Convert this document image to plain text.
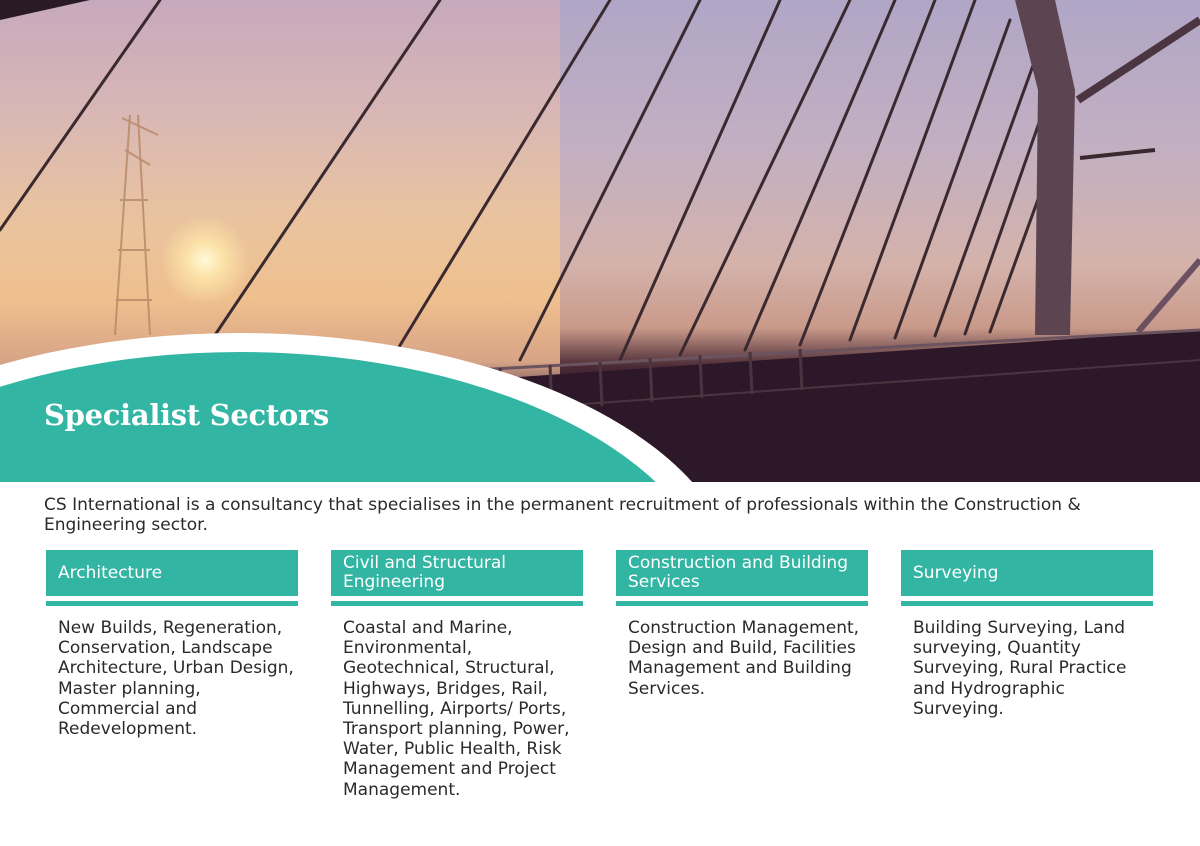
Specialist Sectors

CS International is a consultancy that specialises in the permanent recruitment of professionals within the Construction & Engineering sector.

Architecture
New Builds, Regeneration, Conservation, Landscape Architecture, Urban Design, Master planning, Commercial and Redevelopment.
Civil and Structural Engineering
Coastal and Marine, Environmental, Geotechnical, Structural, Highways, Bridges, Rail, Tunnelling, Airports/ Ports, Transport planning, Power, Water, Public Health, Risk Management and Project Management.
Construction and Building Services
Construction Management, Design and Build, Facilities Management and Building Services.
Surveying
Building Surveying, Land surveying, Quantity Surveying, Rural Practice and Hydrographic Surveying.
